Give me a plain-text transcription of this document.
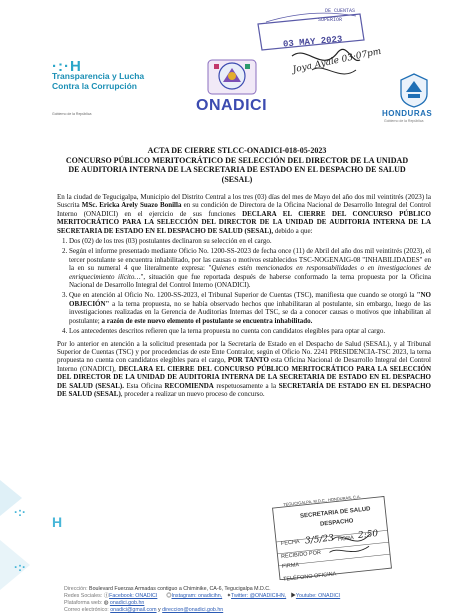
DE CUENTAS
SUPERIOR
03 MAY 2023
Joya Ayale 03:07pm
·:·H
Transparencia y Lucha Contra la Corrupción
Gobierno de la República	ONADICI	HONDURAS
Gobierno de la República
ACTA DE CIERRE STLCC-ONADICI-018-05-2023
CONCURSO PÚBLICO MERITOCRÁTICO DE SELECCIÓN DEL DIRECTOR DE LA UNIDAD
DE AUDITORIA INTERNA DE LA SECRETARIA DE ESTADO EN EL DESPACHO DE SALUD
(SESAL)

En la ciudad de Tegucigalpa, Municipio del Distrito Central a los tres (03) días del mes de Mayo del año dos mil veintitrés (2023) la Suscrita MSc. Ericka Arely Suazo Bonilla en su condición de Directora de la Oficina Nacional de Desarrollo Integral del Control Interno (ONADICI) en el ejercicio de sus funciones DECLARA EL CIERRE DEL CONCURSO PÚBLICO MERITOCRÁTICO PARA LA SELECCIÓN DEL DIRECTOR DE LA UNIDAD DE AUDITORIA INTERNA DE LA SECRETARIA DE ESTADO EN EL DESPACHO DE SALUD (SESAL), debido a que:

1. Dos (02) de los tres (03) postulantes declinaron su selección en el cargo.
2. Según el informe presentado mediante Oficio No. 1200-SS-2023 de fecha once (11) de Abril del año dos mil veintitrés (2023), el tercer postulante se encuentra inhabilitado, por las causas o motivos establecidos TSC-NOGENAIG-08 "INHABILIDADES" en la en su numeral 4 que literalmente expresa: "Quienes estén mencionados en responsabilidades o en investigaciones de enriquecimiento ilícito…", situación que fue reportada después de haberse conformado la terna propuesta por la Oficina Nacional de Desarrollo Integral del Control Interno (ONADICI).
3. Que en atención al Oficio No. 1200-SS-2023, el Tribunal Superior de Cuentas (TSC), manifiesta que cuando se otorgó la "NO OBJECIÓN" a la terna propuesta, no se había observado hechos que inhabilitaran al postulante, sin embargo, luego de las investigaciones realizadas en la Gerencia de Auditorias Internas del TSC, se da a conocer causas o motivos que inhabilitan al postulante; a razón de este nuevo elemento el postulante se encuentra inhabilitado.
4. Los antecedentes descritos refieren que la terna propuesta no cuenta con candidatos elegibles para optar al cargo.

Por lo anterior en atención a la solicitud presentada por la Secretaría de Estado en el Despacho de Salud (SESAL), y al Tribunal Superior de Cuentas (TSC) y por procedencias de este Ente Contralor, según el Oficio No. 2241 PRESIDENCIA-TSC 2023, la terna propuesta no cuenta con candidatos elegibles para el cargo, POR TANTO esta Oficina Nacional de Desarrollo Integral del Control Interno (ONADICI), DECLARA EL CIERRE DEL CONCURSO PÚBLICO MERITOCRÁTICO PARA LA SELECCIÓN DEL DIRECTOR DE LA UNIDAD DE AUDITORIA INTERNA DE LA SECRETARIA DE ESTADO EN EL DESPACHO DE SALUD (SESAL). Esta Oficina RECOMIENDA respetuosamente a la SECRETARÍA DE ESTADO EN EL DESPACHO DE SALUD (SESAL), proceder a realizar un nuevo proceso de concurso.

·:·
H
·:·
TEGUCIGALPA, M.D.C., HONDURAS, C.A.
SECRETARIA DE SALUD
DESPACHO
FECHA 3/5/23 HORA 2:50
RECIBIDO POR
FIRMA
TELÉFONO OFICINA
Dirección: Boulevard Fuerzas Armadas contiguo a Chiminike, CA-6, Tegucigalpa M.D.C.
Redes Sociales: ⓕFacebook: ONADICI ◎Instagram: onadicihn, ✦Twitter: @ONADICIHN, ▶Youtube: ONADICI
Plataforma web: ◍ onadici.gob.hn
Correo electrónico: onadici@gmail.com y direccion@onadici.gob.hn
